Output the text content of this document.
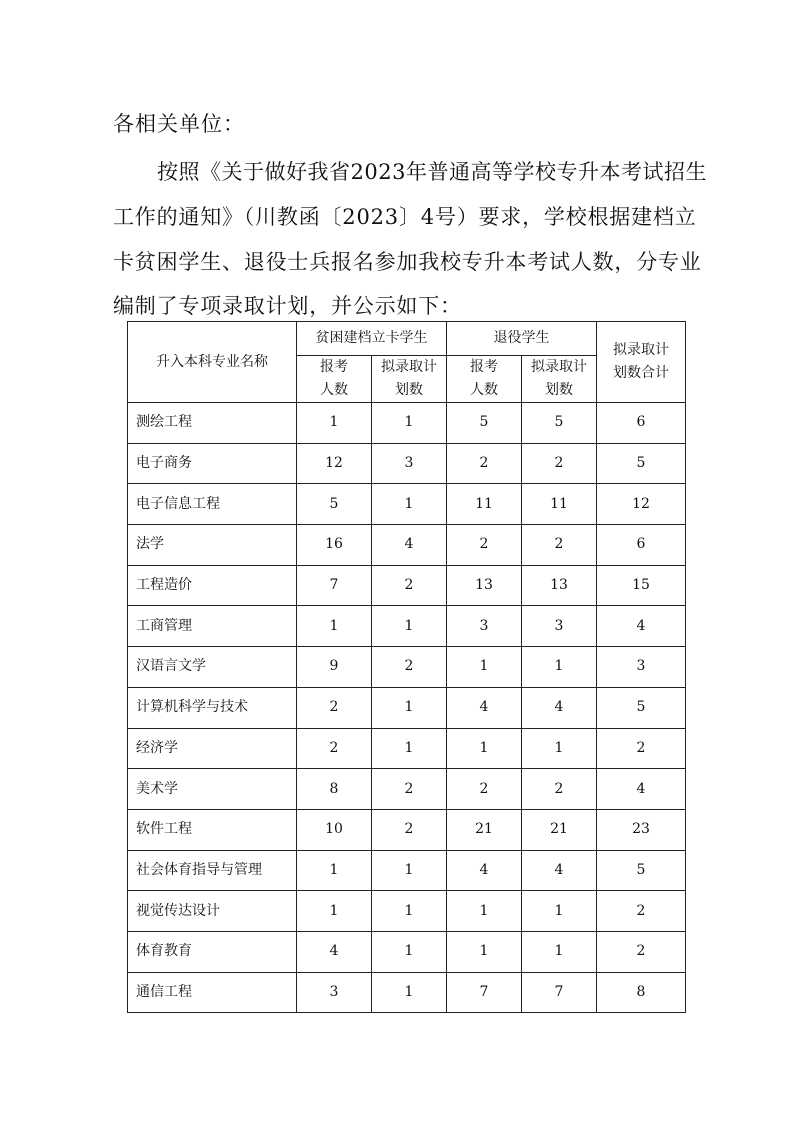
各相关单位：
按照《关于做好我省2023年普通高等学校专升本考试招生
工作的通知》（川教函〔2023〕4号）要求，学校根据建档立
卡贫困学生、退役士兵报名参加我校专升本考试人数，分专业
编制了专项录取计划，并公示如下：
升入本科专业名称	贫困建档立卡学生		退役学生		拟录取计划数合计
	报考人数	拟录取计划数	报考人数	拟录取计划数	
测绘工程	1	1	5	5	6
电子商务	12	3	2	2	5
电子信息工程	5	1	11	11	12
法学	16	4	2	2	6
工程造价	7	2	13	13	15
工商管理	1	1	3	3	4
汉语言文学	9	2	1	1	3
计算机科学与技术	2	1	4	4	5
经济学	2	1	1	1	2
美术学	8	2	2	2	4
软件工程	10	2	21	21	23
社会体育指导与管理	1	1	4	4	5
视觉传达设计	1	1	1	1	2
体育教育	4	1	1	1	2
通信工程	3	1	7	7	8
